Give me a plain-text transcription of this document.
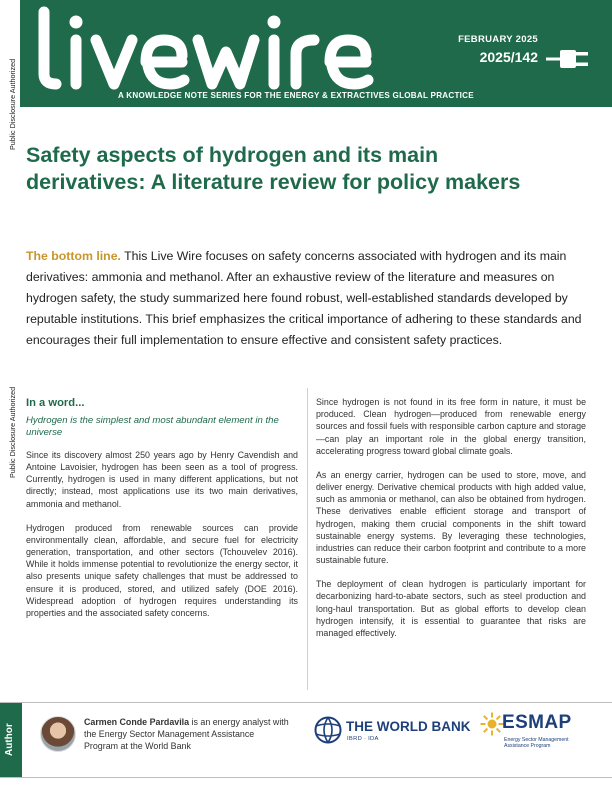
FEBRUARY 2025
2025/142
A KNOWLEDGE NOTE SERIES FOR THE ENERGY & EXTRACTIVES GLOBAL PRACTICE
Public Disclosure Authorized
Public Disclosure Authorized
Safety aspects of hydrogen and its main derivatives: A literature review for policy makers

The bottom line. This Live Wire focuses on safety concerns associated with hydrogen and its main derivatives: ammonia and methanol. After an exhaustive review of the literature and measures on hydrogen safety, the study summarized here found robust, well-established standards developed by reputable institutions. This brief emphasizes the critical importance of adhering to these standards and encourages their full implementation to ensure effective and consistent safety practices.

In a word...

Hydrogen is the simplest and most abundant element in the universe

Since its discovery almost 250 years ago by Henry Cavendish and Antoine Lavoisier, hydrogen has been seen as a tool of progress. Currently, hydrogen is used in many different applications, but not directly; instead, most applications use its two main derivatives, ammonia and methanol.

Hydrogen produced from renewable sources can provide environmentally clean, affordable, and secure fuel for electricity generation, transportation, and other sectors (Tchouvelev 2016). While it holds immense potential to revolutionize the energy sector, it also presents unique safety challenges that must be addressed to ensure it is produced, stored, and utilized safely (DOE 2016). Widespread adoption of hydrogen requires understanding its properties and the associated safety concerns.

Since hydrogen is not found in its free form in nature, it must be produced. Clean hydrogen—produced from renewable energy sources and fossil fuels with responsible carbon capture and storage—can play an important role in the global energy transition, accelerating progress toward global climate goals.

As an energy carrier, hydrogen can be used to store, move, and deliver energy. Derivative chemical products with high added value, such as ammonia or methanol, can also be obtained from hydrogen. These derivatives enable efficient storage and transport of hydrogen, making them crucial components in the shift toward sustainable energy systems. By leveraging these technologies, industries can reduce their carbon footprint and contribute to a more sustainable future.

The deployment of clean hydrogen is particularly important for decarbonizing hard-to-abate sectors, such as steel production and long-haul transportation. But as global efforts to develop clean hydrogen intensify, it is essential to guarantee that risks are managed effectively.

Author

Carmen Conde Pardavila is an energy analyst with the Energy Sector Management Assistance Program at the World Bank

THE WORLD BANK
IBRD · IDA
ESMAP
Energy Sector Management Assistance Program
